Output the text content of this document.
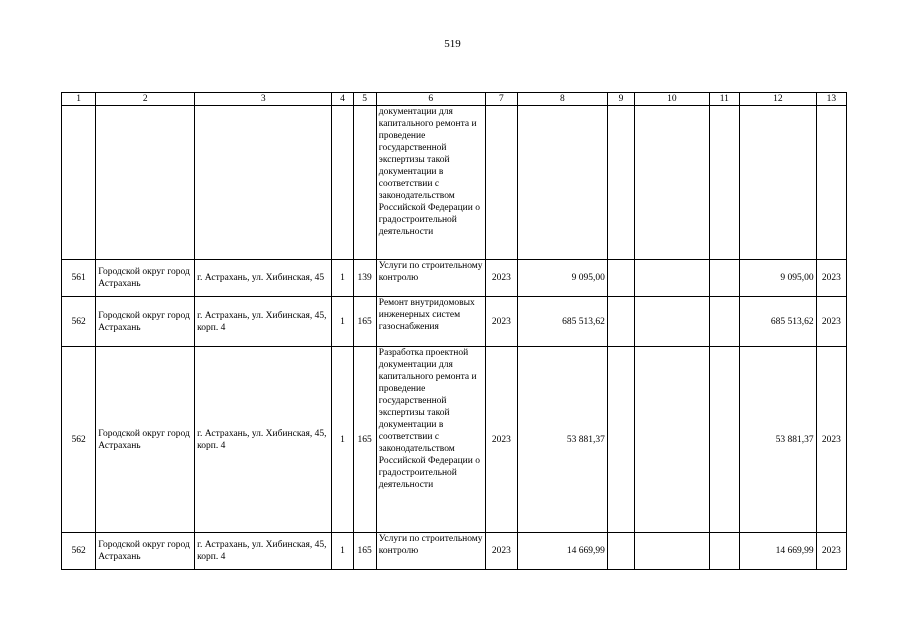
519
1	2	3	4	5	6	7	8	9	10	11	12	13
					документации для капитального ремонта и проведение государственной экспертизы такой документации в соответствии с законодательством Российской Федерации о градостроительной деятельности							
561	Городской округ город Астрахань	г. Астрахань, ул. Хибинская, 45	1	139	Услуги по строительному контролю	2023	9 095,00				9 095,00	2023
562	Городской округ город Астрахань	г. Астрахань, ул. Хибинская, 45, корп. 4	1	165	Ремонт внутридомовых инженерных систем газоснабжения	2023	685 513,62				685 513,62	2023
562	Городской округ город Астрахань	г. Астрахань, ул. Хибинская, 45, корп. 4	1	165	Разработка проектной документации для капитального ремонта и проведение государственной экспертизы такой документации в соответствии с законодательством Российской Федерации о градостроительной деятельности	2023	53 881,37				53 881,37	2023
562	Городской округ город Астрахань	г. Астрахань, ул. Хибинская, 45, корп. 4	1	165	Услуги по строительному контролю	2023	14 669,99				14 669,99	2023
